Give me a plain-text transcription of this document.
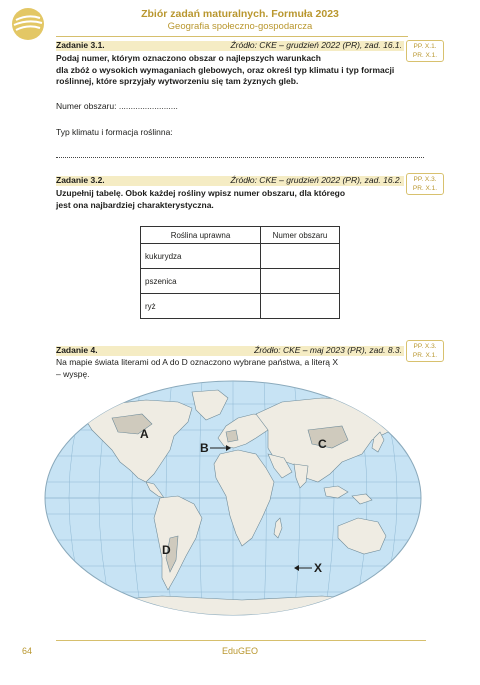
Zbiór zadań maturalnych. Formuła 2023
Geografia społeczno-gospodarcza
Zadanie 3.1.	Źródło: CKE – grudzień 2022 (PR), zad. 16.1.	PP. X.1.
PR. X.1.
Podaj numer, którym oznaczono obszar o najlepszych warunkach
dla zbóż o wysokich wymaganiach glebowych, oraz określ typ klimatu i typ formacji
roślinnej, które sprzyjały wytworzeniu się tam żyznych gleb.
Numer obszaru: .........................
Typ klimatu i formacja roślinna:
Zadanie 3.2.	Źródło: CKE – grudzień 2022 (PR), zad. 16.2.	PP. X.3.
PR. X.1.
Uzupełnij tabelę. Obok każdej rośliny wpisz numer obszaru, dla którego
jest ona najbardziej charakterystyczna.
Roślina uprawna	Numer obszaru
kukurydza	
pszenica	
ryż	
Zadanie 4.	Źródło: CKE – maj 2023 (PR), zad. 8.3.	PP. X.3.
PR. X.1.
Na mapie świata literami od A do D oznaczono wybrane państwa, a literą X
– wyspę.
A
B	C
D
X
64	EduGEO
